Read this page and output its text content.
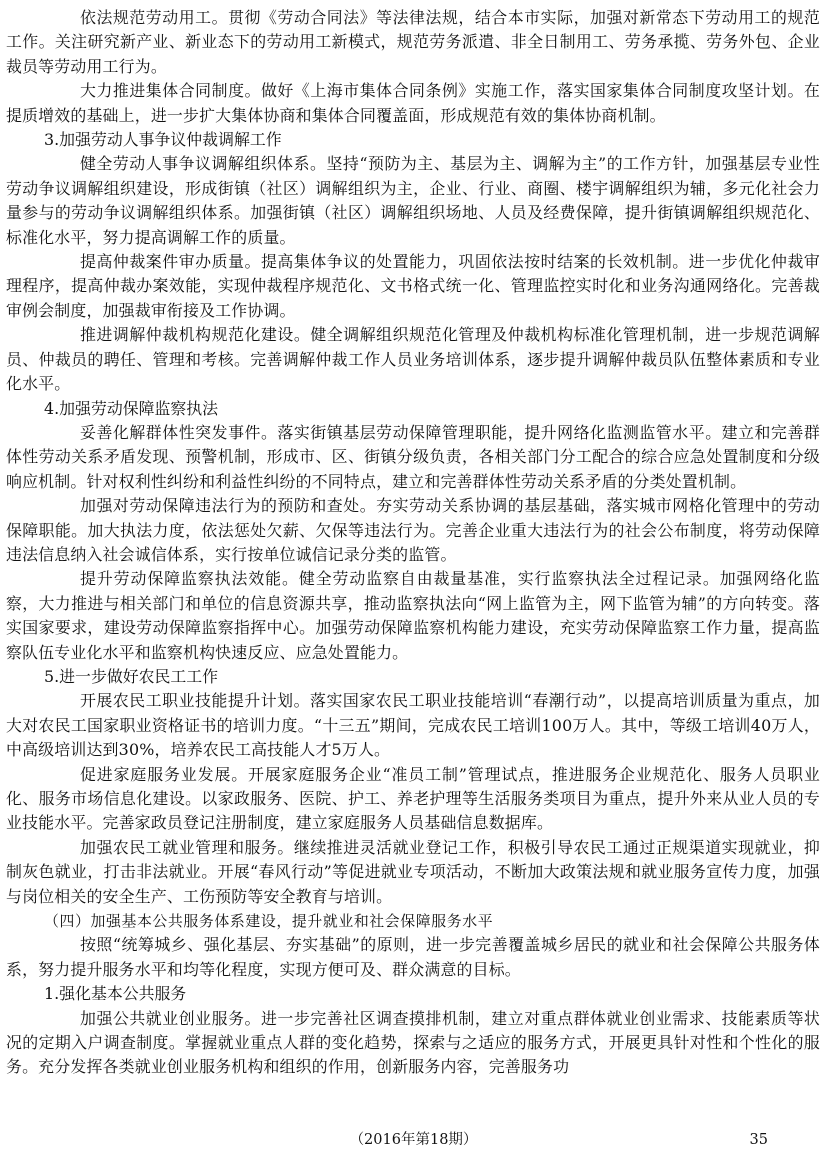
依法规范劳动用工。贯彻《劳动合同法》等法律法规，结合本市实际，加强对新常态下劳动用工的规范工作。关注研究新产业、新业态下的劳动用工新模式，规范劳务派遣、非全日制用工、劳务承揽、劳务外包、企业裁员等劳动用工行为。

大力推进集体合同制度。做好《上海市集体合同条例》实施工作，落实国家集体合同制度攻坚计划。在提质增效的基础上，进一步扩大集体协商和集体合同覆盖面，形成规范有效的集体协商机制。

3.加强劳动人事争议仲裁调解工作

健全劳动人事争议调解组织体系。坚持“预防为主、基层为主、调解为主”的工作方针，加强基层专业性劳动争议调解组织建设，形成街镇（社区）调解组织为主，企业、行业、商圈、楼宇调解组织为辅，多元化社会力量参与的劳动争议调解组织体系。加强街镇（社区）调解组织场地、人员及经费保障，提升街镇调解组织规范化、标准化水平，努力提高调解工作的质量。

提高仲裁案件审办质量。提高集体争议的处置能力，巩固依法按时结案的长效机制。进一步优化仲裁审理程序，提高仲裁办案效能，实现仲裁程序规范化、文书格式统一化、管理监控实时化和业务沟通网络化。完善裁审例会制度，加强裁审衔接及工作协调。

推进调解仲裁机构规范化建设。健全调解组织规范化管理及仲裁机构标准化管理机制，进一步规范调解员、仲裁员的聘任、管理和考核。完善调解仲裁工作人员业务培训体系，逐步提升调解仲裁员队伍整体素质和专业化水平。

4.加强劳动保障监察执法

妥善化解群体性突发事件。落实街镇基层劳动保障管理职能，提升网络化监测监管水平。建立和完善群体性劳动关系矛盾发现、预警机制，形成市、区、街镇分级负责，各相关部门分工配合的综合应急处置制度和分级响应机制。针对权利性纠纷和利益性纠纷的不同特点，建立和完善群体性劳动关系矛盾的分类处置机制。

加强对劳动保障违法行为的预防和查处。夯实劳动关系协调的基层基础，落实城市网格化管理中的劳动保障职能。加大执法力度，依法惩处欠薪、欠保等违法行为。完善企业重大违法行为的社会公布制度，将劳动保障违法信息纳入社会诚信体系，实行按单位诚信记录分类的监管。

提升劳动保障监察执法效能。健全劳动监察自由裁量基准，实行监察执法全过程记录。加强网络化监察，大力推进与相关部门和单位的信息资源共享，推动监察执法向“网上监管为主，网下监管为辅”的方向转变。落实国家要求，建设劳动保障监察指挥中心。加强劳动保障监察机构能力建设，充实劳动保障监察工作力量，提高监察队伍专业化水平和监察机构快速反应、应急处置能力。

5.进一步做好农民工工作

开展农民工职业技能提升计划。落实国家农民工职业技能培训“春潮行动”，以提高培训质量为重点，加大对农民工国家职业资格证书的培训力度。“十三五”期间，完成农民工培训100万人。其中，等级工培训40万人，中高级培训达到30%，培养农民工高技能人才5万人。

促进家庭服务业发展。开展家庭服务企业“准员工制”管理试点，推进服务企业规范化、服务人员职业化、服务市场信息化建设。以家政服务、医院、护工、养老护理等生活服务类项目为重点，提升外来从业人员的专业技能水平。完善家政员登记注册制度，建立家庭服务人员基础信息数据库。

加强农民工就业管理和服务。继续推进灵活就业登记工作，积极引导农民工通过正规渠道实现就业，抑制灰色就业，打击非法就业。开展“春风行动”等促进就业专项活动，不断加大政策法规和就业服务宣传力度，加强与岗位相关的安全生产、工伤预防等安全教育与培训。

（四）加强基本公共服务体系建设，提升就业和社会保障服务水平

按照“统筹城乡、强化基层、夯实基础”的原则，进一步完善覆盖城乡居民的就业和社会保障公共服务体系，努力提升服务水平和均等化程度，实现方便可及、群众满意的目标。

1.强化基本公共服务

加强公共就业创业服务。进一步完善社区调查摸排机制，建立对重点群体就业创业需求、技能素质等状况的定期入户调查制度。掌握就业重点人群的变化趋势，探索与之适应的服务方式，开展更具针对性和个性化的服务。充分发挥各类就业创业服务机构和组织的作用，创新服务内容，完善服务功

（2016年第18期）	35
